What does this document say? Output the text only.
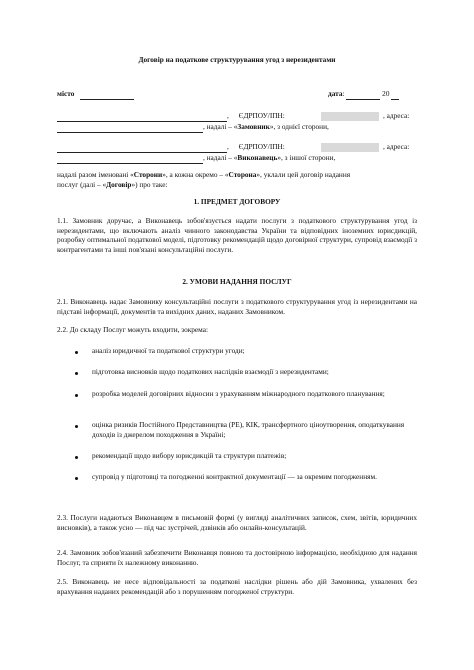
Договір на податкове структурування угод з нерезидентами
місто	дата:	20
, ЄДРПОУ/ІПН:	, адреса:
, надалі – «Замовник», з однієї сторони,
, ЄДРПОУ/ІПН:	, адреса:
, надалі – «Виконавець», з іншої сторони,
надалі разом іменовані «Сторони», а кожна окремо – «Сторона», уклали цей договір надання
послуг (далі – «Договір») про таке:
1. ПРЕДМЕТ ДОГОВОРУ
1.1. Замовник доручає, а Виконавець зобов'язується надати послуги з податкового структурування угод із нерезидентами, що включають аналіз чинного законодавства України та відповідних іноземних юрисдикцій, розробку оптимальної податкової моделі, підготовку рекомендацій щодо договірної структури, супровід взаємодії з контрагентами та інші пов'язані консультаційні послуги.
2. УМОВИ НАДАННЯ ПОСЛУГ
2.1. Виконавець надає Замовнику консультаційні послуги з податкового структурування угод із нерезидентами на підставі інформації, документів та вихідних даних, наданих Замовником.
2.2. До складу Послуг можуть входити, зокрема:
аналіз юридичної та податкової структури угоди;
підготовка висновків щодо податкових наслідків взаємодії з нерезидентами;
розробка моделей договірних відносин з урахуванням міжнародного податкового планування;
оцінка ризиків Постійного Представництва (PE), КІК, трансфертного ціноутворення, оподаткування доходів із джерелом походження в Україні;
рекомендації щодо вибору юрисдикцій та структури платежів;
супровід у підготовці та погодженні контрактної документації — за окремим погодженням.
2.3. Послуги надаються Виконавцем в письмовій формі (у вигляді аналітичних записок, схем, звітів, юридичних висновків), а також усно — під час зустрічей, дзвінків або онлайн-консультацій.
2.4. Замовник зобов'язаний забезпечити Виконавця повною та достовірною інформацією, необхідною для надання Послуг, та сприяти їх належному виконанню.
2.5. Виконавець не несе відповідальності за податкові наслідки рішень або дій Замовника, ухвалених без врахування наданих рекомендацій або з порушенням погодженої структури.
